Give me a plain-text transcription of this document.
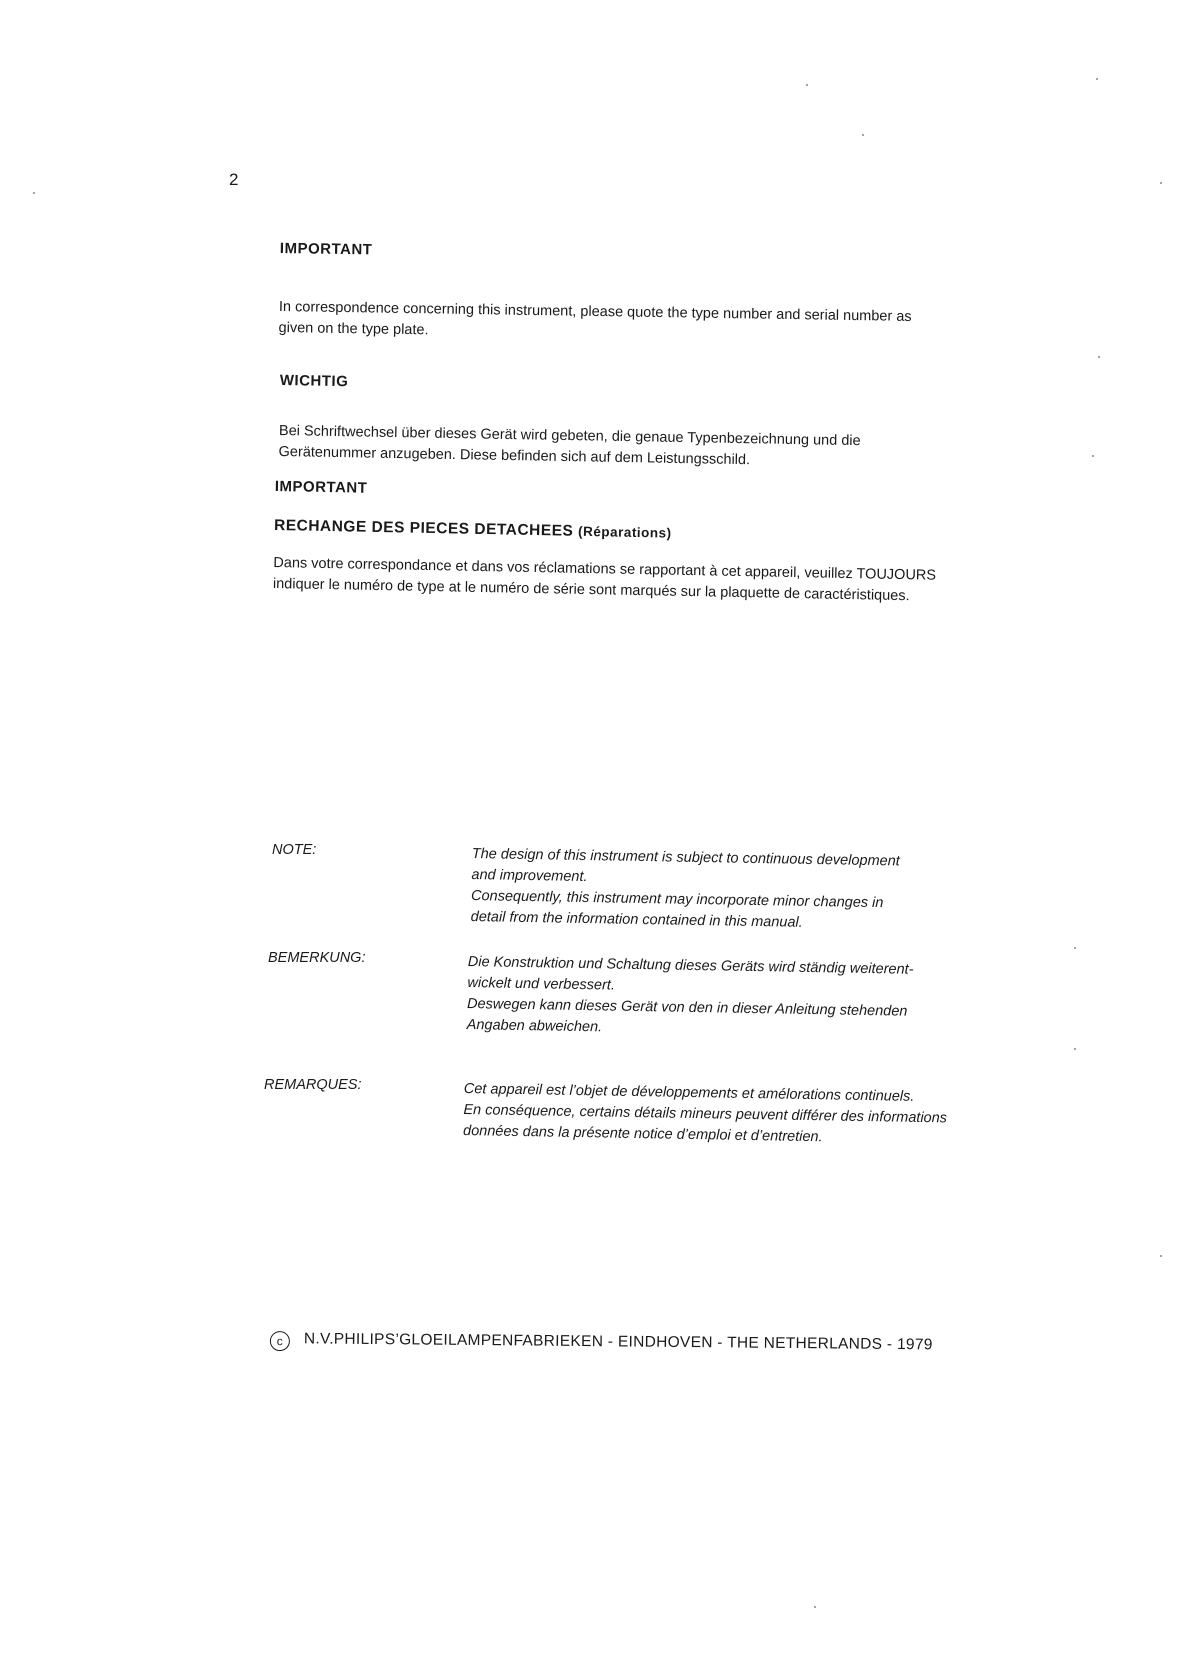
2

IMPORTANT

In correspondence concerning this instrument, please quote the type number and serial number as
given on the type plate.

WICHTIG

Bei Schriftwechsel über dieses Gerät wird gebeten, die genaue Typenbezeichnung und die
Gerätenummer anzugeben. Diese befinden sich auf dem Leistungsschild.

IMPORTANT

RECHANGE DES PIECES DETACHEES (Réparations)

Dans votre correspondance et dans vos réclamations se rapportant à cet appareil, veuillez TOUJOURS
indiquer le numéro de type at le numéro de série sont marqués sur la plaquette de caractéristiques.

NOTE:	The design of this instrument is subject to continuous development
and improvement.
Consequently, this instrument may incorporate minor changes in
detail from the information contained in this manual.
BEMERKUNG:	Die Konstruktion und Schaltung dieses Geräts wird ständig weiterent-
wickelt und verbessert.
Deswegen kann dieses Gerät von den in dieser Anleitung stehenden
Angaben abweichen.
REMARQUES:	Cet appareil est l’objet de développements et amélorations continuels.
En conséquence, certains détails mineurs peuvent différer des informations
données dans la présente notice d’emploi et d’entretien.
c N.V.PHILIPS’GLOEILAMPENFABRIEKEN - EINDHOVEN - THE NETHERLANDS - 1979
